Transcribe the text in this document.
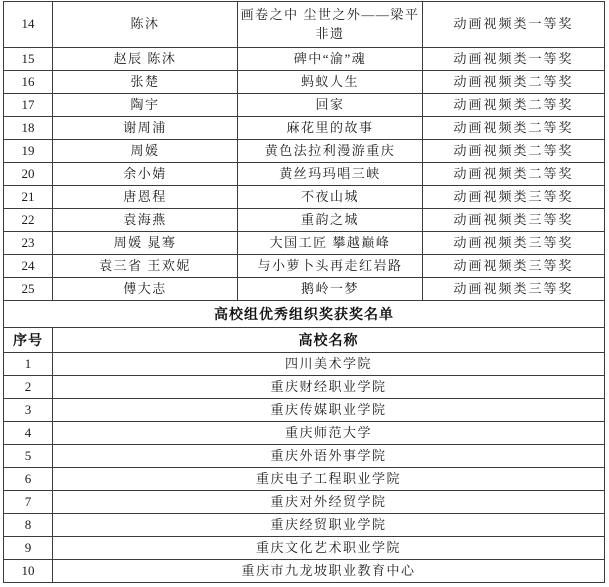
14	陈沐	画卷之中 尘世之外——梁平非遗	动画视频类一等奖
15	赵辰 陈沐	碑中“渝”魂	动画视频类一等奖
16	张楚	蚂蚁人生	动画视频类二等奖
17	陶宇	回家	动画视频类二等奖
18	谢周浦	麻花里的故事	动画视频类二等奖
19	周媛	黄色法拉利漫游重庆	动画视频类二等奖
20	余小婧	黄丝玛玛唱三峡	动画视频类二等奖
21	唐恩程	不夜山城	动画视频类三等奖
22	袁海燕	重韵之城	动画视频类三等奖
23	周媛 晁骞	大国工匠 攀越巅峰	动画视频类三等奖
24	袁三省 王欢妮	与小萝卜头再走红岩路	动画视频类三等奖
25	傅大志	鹅岭一梦	动画视频类三等奖
高校组优秀组织奖获奖名单			
序号	高校名称		
1	四川美术学院		
2	重庆财经职业学院		
3	重庆传媒职业学院		
4	重庆师范大学		
5	重庆外语外事学院		
6	重庆电子工程职业学院		
7	重庆对外经贸学院		
8	重庆经贸职业学院		
9	重庆文化艺术职业学院		
10	重庆市九龙坡职业教育中心		
